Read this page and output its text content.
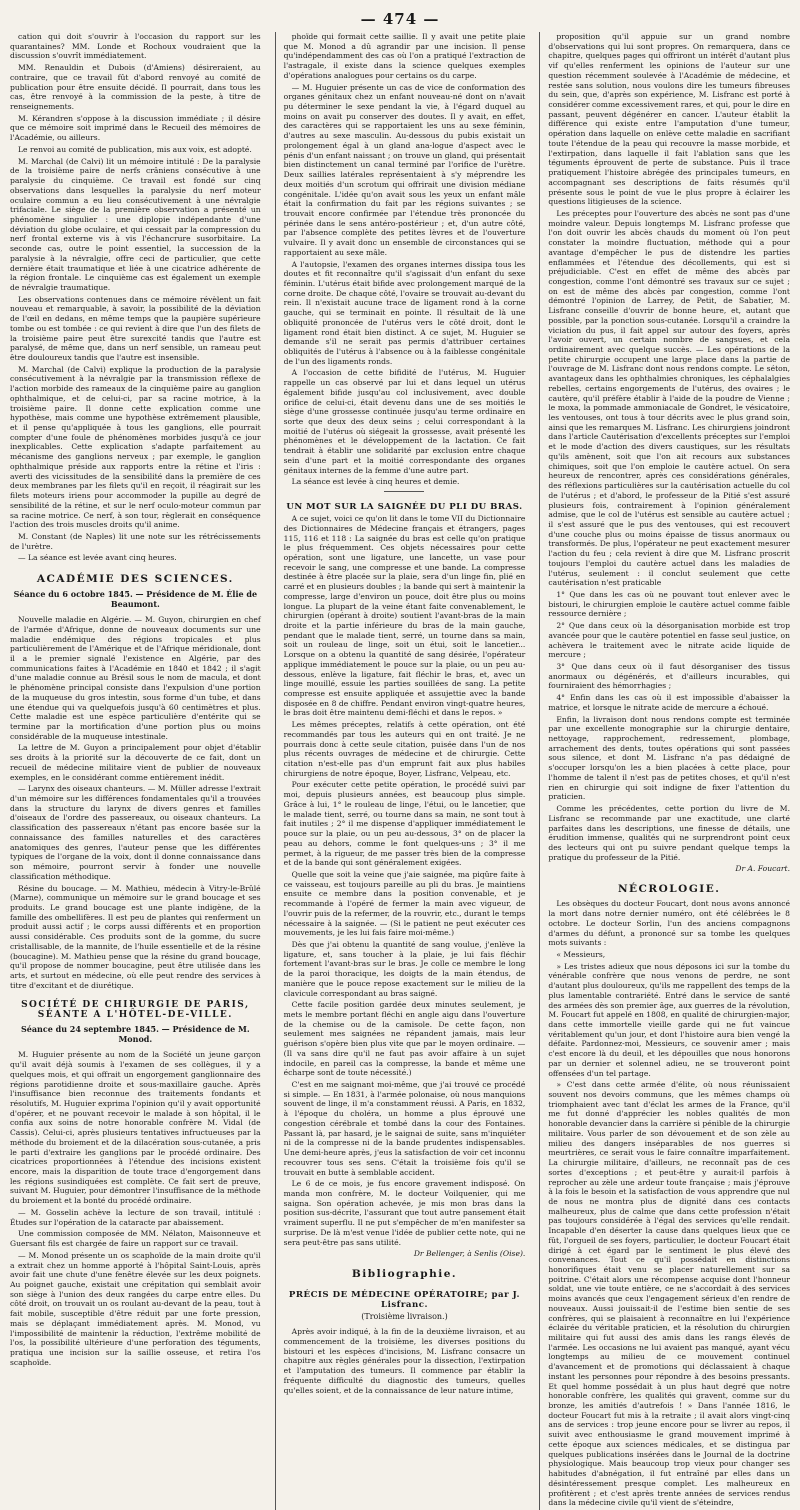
— 474 —

cation qui doit s'ouvrir à l'occasion du rapport sur les quarantaines? MM. Londe et Rochoux voudraient que la discussion s'ouvrît immédiatement.

MM. Renauldin et Dubois (d'Amiens) désireraient, au contraire, que ce travail fût d'abord renvoyé au comité de publication pour être ensuite décidé. Il pourrait, dans tous les cas, être renvoyé à la commission de la peste, à titre de renseignements.

M. Kérandren s'oppose à la discussion immédiate ; il désire que ce mémoire soit imprimé dans le Recueil des mémoires de l'Académie, ou ailleurs.

Le renvoi au comité de publication, mis aux voix, est adopté.

M. Marchal (de Calvi) lit un mémoire intitulé : De la paralysie de la troisième paire de nerfs crâniens consécutive à une paralysie du cinquième. Ce travail est fondé sur cinq observations dans lesquelles la paralysie du nerf moteur oculaire commun a eu lieu consécutivement à une névralgie trifaciale. Le siège de la première observation a présenté un phénomène singulier : une diplopie indépendante d'une déviation du globe oculaire, et qui cessait par la compression du nerf frontal externe vis à vis l'échancrure susorbitaire. La seconde cas, outre le point essentiel, la succession de la paralysie à la névralgie, offre ceci de particulier, que cette dernière était traumatique et liée à une cicatrice adhérente de la région frontale. Le cinquième cas est également un exemple de névralgie traumatique.

Les observations contenues dans ce mémoire révèlent un fait nouveau et remarquable, à savoir, la possibilité de la déviation de l'œil en dedans, en même temps que la paupière supérieure tombe ou est tombée : ce qui revient à dire que l'un des filets de la troisième paire peut être surexcité tandis que l'autre est paralysé, de même que, dans un nerf sensible, un rameau peut être douloureux tandis que l'autre est insensible.

M. Marchal (de Calvi) explique la production de la paralysie consécutivement à la névralgie par la transmission réflexe de l'action morbide des rameaux de la cinquième paire au ganglion ophthalmique, et de celui-ci, par sa racine motrice, à la troisième paire. Il donne cette explication comme une hypothèse, mais comme une hypothèse extrêmement plausible, et il pense qu'appliquée à tous les ganglions, elle pourrait compter d'une foule de phénomènes morbides jusqu'à ce jour inexplicables. Cette explication s'adapte parfaitement au mécanisme des ganglions nerveux ; par exemple, le ganglion ophthalmique préside aux rapports entre la rétine et l'iris : averti des vicissitudes de la sensibilité dans la première de ces deux membranes par les filets qu'il en reçoit, il réagirait sur les filets moteurs iriens pour accommoder la pupille au degré de sensibilité de la rétine, et sur le nerf oculo-moteur commun par sa racine motrice. Ce nerf, à son tour, règlerait en conséquence l'action des trois muscles droits qu'il anime.

M. Constant (de Naples) lit une note sur les rétrécissements de l'urètre.

— La séance est levée avant cinq heures.

ACADÉMIE DES SCIENCES.
Séance du 6 octobre 1845. — Présidence de M. Élie de Beaumont.

Nouvelle maladie en Algérie. — M. Guyon, chirurgien en chef de l'armée d'Afrique, donne de nouveaux documents sur une maladie endémique des régions tropicales et plus particulièrement de l'Amérique et de l'Afrique méridionale, dont il a le premier signalé l'existence en Algérie, par des communications faites à l'Académie en 1840 et 1842 ; il s'agit d'une maladie connue au Brésil sous le nom de macula, et dont le phénomène principal consiste dans l'expulsion d'une portion de la muqueuse du gros intestin, sous forme d'un tube, et dans une étendue qui va quelquefois jusqu'à 60 centimètres et plus. Cette maladie est une espèce particulière d'entérite qui se termine par la mortification d'une portion plus ou moins considérable de la muqueuse intestinale.

La lettre de M. Guyon a principalement pour objet d'établir ses droits à la priorité sur la découverte de ce fait, dont un recueil de médecine militaire vient de publier de nouveaux exemples, en le considérant comme entièrement inédit.

— Larynx des oiseaux chanteurs. — M. Müller adresse l'extrait d'un mémoire sur les différences fondamentales qu'il a trouvées dans la structure du larynx de divers genres et familles d'oiseaux de l'ordre des passereaux, ou oiseaux chanteurs. La classification des passereaux n'étant pas encore basée sur la connaissance des familles naturelles et des caractères anatomiques des genres, l'auteur pense que les différentes typiques de l'organe de la voix, dont il donne connaissance dans son mémoire, pourront servir à fonder une nouvelle classification méthodique.

Résine du boucage. — M. Mathieu, médecin à Vitry-le-Brûlé (Marne), communique un mémoire sur le grand boucage et ses produits. Le grand boucage est une plante indigène, de la famille des ombellifères. Il est peu de plantes qui renferment un produit aussi actif ; le corps aussi différents et en proportion aussi considérable. Ces produits sont de la gomme, du sucre cristallisable, de la mannite, de l'huile essentielle et de la résine (boucagine). M. Mathieu pense que la résine du grand boucage, qu'il propose de nommer boucagine, peut être utilisée dans les arts, et surtout en médecine, où elle peut rendre des services à titre d'excitant et de diurétique.

SOCIÉTÉ DE CHIRURGIE DE PARIS, SÉANTE A L'HÔTEL-DE-VILLE.
Séance du 24 septembre 1845. — Présidence de M. Monod.

M. Huguier présente au nom de la Société un jeune garçon qu'il avait déjà soumis à l'examen de ses collègues, il y a quelques mois, et qui offrait un engorgement ganglionnaire des régions parotidienne droite et sous-maxillaire gauche. Après l'insuffisance bien reconnue des traitements fondants et résolutifs, M. Huguier exprima l'opinion qu'il y avait opportunité d'opérer, et ne pouvant recevoir le malade à son hôpital, il le confia aux soins de notre honorable confrère M. Vidal (de Cassis). Celui-ci, après plusieurs tentatives infructueuses par la méthode du broiement et de la dilacération sous-cutanée, a pris le parti d'extraire les ganglions par le procédé ordinaire. Des cicatrices proportionnées à l'étendue des incisions existent encore, mais la disparition de toute trace d'engorgement dans les régions susindiquées est complète. Ce fait sert de preuve, suivant M. Huguier, pour démontrer l'insuffisance de la méthode du broiement et la bonté du procédé ordinaire.

— M. Gosselin achève la lecture de son travail, intitulé : Études sur l'opération de la cataracte par abaissement.

Une commission composée de MM. Nélaton, Maisonneuve et Guersant fils est chargée de faire un rapport sur ce travail.

— M. Monod présente un os scaphoïde de la main droite qu'il a extrait chez un homme apporté à l'hôpital Saint-Louis, après avoir fait une chute d'une fenêtre élevée sur les deux poignets. Au poignet gauche, existait une crépitation qui semblait avoir son siège à l'union des deux rangées du carpe entre elles. Du côté droit, on trouvait un os roulant au-devant de la peau, tout à fait mobile, susceptible d'être réduit par une forte pression, mais se déplaçant immédiatement après. M. Monod, vu l'impossibilité de maintenir la réduction, l'extrême mobilité de l'os, la possibilité ultérieure d'une perforation des téguments, pratiqua une incision sur la saillie osseuse, et retira l'os scaphoïde.

phoïde qui formait cette saillie. Il y avait une petite plaie que M. Monod a dû agrandir par une incision. Il pense qu'indépendamment des cas où l'on a pratiqué l'extraction de l'astragale, il existe dans la science quelques exemples d'opérations analogues pour certains os du carpe.

— M. Huguier présente un cas de vice de conformation des organes génitaux chez un enfant nouveau-né dont on n'avait pu déterminer le sexe pendant la vie, à l'égard duquel au moins on avait pu conserver des doutes. Il y avait, en effet, des caractères qui se rapportaient les uns au sexe féminin, d'autres au sexe masculin. Au-dessous du pubis existait un prolongement égal à un gland ana-logue d'aspect avec le pénis d'un enfant naissant ; on trouve un gland, qui présentait bien distinctement un canal terminé par l'orifice de l'urètre. Deux saillies latérales représentaient à s'y méprendre les deux moitiés d'un scrotum qui offrirait une division médiane congénitale. L'idée qu'on avait sous les yeux un enfant mâle était la confirmation du fait par les régions suivantes ; se trouvait encore confirmée par l'étendue très prononcée du périnée dans le sens antéro-postérieur ; et, d'un autre côté, par l'absence complète des petites lèvres et de l'ouverture vulvaire. Il y avait donc un ensemble de circonstances qui se rapportaient au sexe mâle.

A l'autopsie, l'examen des organes internes dissipa tous les doutes et fit reconnaître qu'il s'agissait d'un enfant du sexe féminin. L'utérus était bifide avec prolongement marqué de la corne droite. De chaque côté, l'ovaire se trouvait au-devant du rein. Il n'existait aucune trace de ligament rond à la corne gauche, qui se terminait en pointe. Il résultait de là une obliquité prononcée de l'utérus vers le côté droit, dont le ligament rond était bien distinct. A ce sujet, M. Huguier se demande s'il ne serait pas permis d'attribuer certaines obliquités de l'utérus à l'absence ou à la faiblesse congénitale de l'un des ligaments ronds.

A l'occasion de cette bifidité de l'utérus, M. Huguier rappelle un cas observé par lui et dans lequel un utérus également bifide jusqu'au col inclusivement, avec double orifice de celui-ci, était devenu dans une de ses moitiés le siège d'une grossesse continuée jusqu'au terme ordinaire en sorte que deux des deux seins ; celui correspondant à la moitié de l'utérus où siégeait la grossesse, avait présenté les phénomènes et le développement de la lactation. Ce fait tendrait à établir une solidarité par exclusion entre chaque sein d'une part et la moitié correspondante des organes génitaux internes de la femme d'une autre part.

La séance est levée à cinq heures et demie.

UN MOT SUR LA SAIGNÉE DU PLI DU BRAS.

A ce sujet, voici ce qu'on lit dans le tome VII du Dictionnaire des Dictionnaires de Médecine français et étrangers, pages 115, 116 et 118 : La saignée du bras est celle qu'on pratique le plus fréquemment. Ces objets nécessaires pour cette opération, sont une ligature, une lancette, un vase pour recevoir le sang, une compresse et une bande. La compresse destinée à être placée sur la plaie, sera d'un linge fin, plié en carré et en plusieurs doubles ; la bande qui sert à maintenir la compresse, large d'environ un pouce, doit être plus ou moins longue. La plupart de la veine étant faite convenablement, le chirurgien (opérant à droite) soutient l'avant-bras de la main droite et la partie inférieure du bras de la main gauche, pendant que le malade tient, serré, un tourne dans sa main, soit un rouleau de linge, soit un étui, soit le lancetier... Lorsque on a obtenu la quantité de sang désirée, l'opérateur applique immédiatement le pouce sur la plaie, ou un peu au-dessous, enlève la ligature, fait fléchir le bras, et, avec un linge mouillé, essuie les parties souillées de sang. La petite compresse est ensuite appliquée et assujettie avec la bande disposée en 8 de chiffre. Pendant environ vingt-quatre heures, le bras doit être maintenu demi-fléchi et dans le repos. »

Les mêmes préceptes, relatifs à cette opération, ont été recommandés par tous les auteurs qui en ont traité. Je ne pourrais donc à cette seule citation, puisée dans l'un de nos plus récents ouvrages de médecine et de chirurgie. Cette citation n'est-elle pas d'un emprunt fait aux plus habiles chirurgiens de notre époque, Boyer, Lisfranc, Velpeau, etc.

Pour exécuter cette petite opération, le procédé suivi par moi, depuis plusieurs années, est beaucoup plus simple. Grâce à lui, 1° le rouleau de linge, l'étui, ou le lancetier, que le malade tient, serré, ou tourne dans sa main, ne sont tout à fait inutiles ; 2° il me dispense d'appliquer immédiatement le pouce sur la plaie, ou un peu au-dessous, 3° on de placer la peau au dehors, comme le font quelques-uns ; 3° il me permet, à la rigueur, de me passer très bien de la compresse et de la bande qui sont généralement exigées.

Quelle que soit la veine que j'aie saignée, ma piqûre faite à ce vaisseau, est toujours pareille au pli du bras. Je maintiens ensuite ce membre dans la position convenable, et je recommande à l'opéré de fermer la main avec vigueur, de l'ouvrir puis de la refermer, de la rouvrir, etc., durant le temps nécessaire à la saignée. — (Si le patient ne peut exécuter ces mouvements, je les lui fais faire moi-même.)

Dès que j'ai obtenu la quantité de sang voulue, j'enlève la ligature, et, sans toucher à la plaie, je lui fais fléchir fortement l'avant-bras sur le bras. Je colle ce membre le long de la paroi thoracique, les doigts de la main étendus, de manière que le pouce repose exactement sur le milieu de la clavicule correspondant au bras saigné.

Cette facile position gardée deux minutes seulement, je mets le membre portant fléchi en angle aigu dans l'ouverture de la chemise ou de la camisole. De cette façon, non seulement mes saignées ne répandent jamais, mais leur guérison s'opère bien plus vite que par le moyen ordinaire. — (Il va sans dire qu'il ne faut pas avoir affaire à un sujet indocile, en pareil cas la compresse, la bande et même une écharpe sont de toute nécessité.)

C'est en me saignant moi-même, que j'ai trouvé ce procédé si simple. — En 1831, à l'armée polonaise, où nous manquions souvent de linge, il m'a constamment réussi. A Paris, en 1832, à l'époque du choléra, un homme a plus éprouvé une congestion cérébrale et tombé dans la cour des Fontaines. Passant là, par hasard, je le saignai de suite, sans m'inquiéter ni de la compresse ni de la bande prudentes indispensables. Une demi-heure après, j'eus la satisfaction de voir cet inconnu recouvrer tous ses sens. C'était la troisième fois qu'il se trouvait en butte à semblable accident.

Le 6 de ce mois, je fus encore gravement indisposé. On manda mon confrère, M. le docteur Voilquenier, qui me saigna. Son opération achevée, je mis mon bras dans la position sus-décrite, l'assurant que tout autre pansement était vraiment superflu. Il ne put s'empêcher de m'en manifester sa surprise. De là m'est venue l'idée de publier cette note, qui ne sera peut-être pas sans utilité.

Dr Bellenger, à Senlis (Oise).
Bibliographie.
PRÉCIS DE MÉDECINE OPÉRATOIRE; par J. Lisfranc.
(Troisième livraison.)

Après avoir indiqué, à la fin de la deuxième livraison, et au commencement de la troisième, les diverses positions du bistouri et les espèces d'incisions, M. Lisfranc consacre un chapitre aux règles générales pour la dissection, l'extirpation et l'amputation des tumeurs. Il commence par établir la fréquente difficulté du diagnostic des tumeurs, quelles qu'elles soient, et de la connaissance de leur nature intime,

proposition qu'il appuie sur un grand nombre d'observations qui lui sont propres. On remarquera, dans ce chapitre, quelques pages qui offriront un intérêt d'autant plus vif qu'elles renferment les opinions de l'auteur sur une question récemment soulevée à l'Académie de médecine, et restée sans solution, nous voulons dire les tumeurs fibreuses du sein, que, d'après son expérience, M. Lisfranc est porté à considérer comme excessivement rares, et qui, pour le dire en passant, peuvent dégénérer en cancer. L'auteur établit la différence qui existe entre l'amputation d'une tumeur, opération dans laquelle on enlève cette maladie en sacrifiant toute l'étendue de la peau qui recouvre la masse morbide, et l'extirpation, dans laquelle il fait l'ablation sans que les téguments éprouvent de perte de substance. Puis il trace pratiquement l'histoire abrégée des principales tumeurs, en accompagnant ses descriptions de faits résumés qu'il présente sous le point de vue le plus propre à éclairer les questions litigieuses de la science.

Les préceptes pour l'ouverture des abcès ne sont pas d'une moindre valeur. Depuis longtemps M. Lisfranc professe que l'on doit ouvrir les abcès chauds du moment où l'on peut constater la moindre fluctuation, méthode qui a pour avantage d'empêcher le pus de distendre les parties enflammées et l'étendue des décollements, qui est si préjudiciable. C'est en effet de même des abcès par congestion, comme l'ont démontré ses travaux sur ce sujet ; on est de même des abcès par congestion, comme l'ont démontré l'opinion de Larrey, de Petit, de Sabatier, M. Lisfranc conseille d'ouvrir de bonne heure, et, autant que possible, par la ponction sous-cutanée. Lorsqu'il a craindre la viciation du pus, il fait appel sur autour des foyers, après l'avoir ouvert, un certain nombre de sangsues, et cela ordinairement avec quelque succès. — Les opérations de la petite chirurgie occupent une large place dans la partie de l'ouvrage de M. Lisfranc dont nous rendons compte. Le séton, avantageux dans les ophthalmies chroniques, les céphalalgies rebelles, certains engorgements de l'utérus, des ovaires ; le cautère, qu'il préfère établir à l'aide de la poudre de Vienne ; le moxa, la pommade ammoniacale de Gondret, le vésicatoire, les ventouses, ont tous à tour décrits avec le plus grand soin, ainsi que les remarques M. Lisfranc. Les chirurgiens joindront dans l'article Cautérisation d'excellents préceptes sur l'emploi et le mode d'action des divers caustiques, sur les résultats qu'ils amènent, soit que l'on ait recours aux substances chimiques, soit que l'on emploie le cautère actuel. On sera heureux de rencontrer, après ces considérations générales, des réflexions particulières sur la cautérisation actuelle du col de l'utérus ; et d'abord, le professeur de la Pitié s'est assuré plusieurs fois, contrairement à l'opinion généralement admise, que le col de l'utérus est sensible au cautère actuel ; il s'est assuré que le pus des ventouses, qui est recouvert d'une couche plus ou moins épaisse de tissus anormaux ou transformés. De plus, l'opérateur ne peut exactement mesurer l'action du feu ; cela revient à dire que M. Lisfranc proscrit toujours l'emploi du cautère actuel dans les maladies de l'utérus, seulement : il conclut seulement que cette cautérisation n'est praticable

1° Que dans les cas où ne pouvant tout enlever avec le bistouri, le chirurgien emploie le cautère actuel comme faible ressource dernière ;

2° Que dans ceux où la désorganisation morbide est trop avancée pour que le cautère potentiel en fasse seul justice, on achèvera le traitement avec le nitrate acide liquide de mercure ;

3° Que dans ceux où il faut désorganiser des tissus anormaux ou dégénérés, et d'ailleurs incurables, qui fourniraient des hémorrhagies ;

4° Enfin dans les cas où il est impossible d'abaisser la matrice, et lorsque le nitrate acide de mercure a échoué.

Enfin, la livraison dont nous rendons compte est terminée par une excellente monographie sur la chirurgie dentaire, nettoyage, rapprochement, redressement, plombage, arrachement des dents, toutes opérations qui sont passées sous silence, et dont M. Lisfranc n'a pas dédaigné de s'occuper lorsqu'on les a bien placées à cette place, pour l'homme de talent il n'est pas de petites choses, et qu'il n'est rien en chirurgie qui soit indigne de fixer l'attention du praticien.

Comme les précédentes, cette portion du livre de M. Lisfranc se recommande par une exactitude, une clarté parfaites dans les descriptions, une finesse de détails, une érudition immense, qualités qui ne surprendront point ceux des lecteurs qui ont pu suivre pendant quelque temps la pratique du professeur de la Pitié.

Dr A. Foucart.
NÉCROLOGIE.

Les obsèques du docteur Foucart, dont nous avons annoncé la mort dans notre dernier numéro, ont été célébrées le 8 octobre. Le docteur Sorlin, l'un des anciens compagnons d'armes du défunt, a prononcé sur sa tombe les quelques mots suivants :

« Messieurs,

» Les tristes adieux que nous déposons ici sur la tombe du vénérable confrère que nous venons de perdre, ne sont d'autant plus douloureux, qu'ils me rappellent des temps de la plus lamentable contrariété. Entré dans le service de santé des armées dès son premier âge, aux guerres de la révolution, M. Foucart fut appelé en 1808, en qualité de chirurgien-major, dans cette immortelle vieille garde qui ne fut vaincue véritablement qu'un jour, et dont l'histoire aura bien vengé la défaite. Pardonnez-moi, Messieurs, ce souvenir amer ; mais c'est encore là du deuil, et les dépouilles que nous honorons par un dernier et solennel adieu, ne se trouveront point offensées d'un tel partage.

» C'est dans cette armée d'élite, où nous réunissaient souvent nos devoirs communs, que les mêmes champs où triomphaient avec tant d'éclat les armes de la France, qu'il me fut donné d'apprécier les nobles qualités de mon honorable devancier dans la carrière si pénible de la chirurgie militaire. Vous parler de son dévouement et de son zèle au milieu des dangers inséparables de nos guerres si meurtrières, ce serait vous le faire connaître imparfaitement. La chirurgie militaire, d'ailleurs, ne reconnaît pas de ces sortes d'exceptions ; et peut-être y aurait-il parfois à reprocher au zèle une ardeur toute française ; mais j'éprouve à la fois le besoin et la satisfaction de vous apprendre que nul de nous ne montra plus de dignité dans ces contacts malheureux, plus de calme que dans cette profession n'était pas toujours considérée à l'égal des services qu'elle rendait. Incapable d'en déserter la cause dans quelques lieux que ce fût, l'orgueil de ses foyers, particulier, le docteur Foucart était dirigé à cet égard par le sentiment le plus élevé des convenances. Tout ce qu'il possédait en distinctions honorifiques était venu se placer naturellement sur sa poitrine. C'était alors une récompense acquise dont l'honneur soldat, une vie toute entière, ce ne s'accordait à des services moins avancés que ceux l'engagement sérieux d'en rendre de nouveaux. Aussi jouissait-il de l'estime bien sentie de ses confrères, qui se plaisaient à reconnaître en lui l'expérience éclairée du véritable praticien, et la résolution du chirurgien militaire qui fut aussi des amis dans les rangs élevés de l'armée. Les occasions ne lui avaient pas manqué, ayant vécu longtemps au milieu de ce mouvement continuel d'avancement et de promotions qui déclassaient à chaque instant les personnes pour répondre à des besoins pressants. Et quel homme possédait à un plus haut degré que notre honorable confrère, les qualités qui gravent, comme sur du bronze, les amitiés d'autrefois ! » Dans l'année 1816, le docteur Foucart fut mis à la retraite ; il avait alors vingt-cinq ans de services : trop jeune encore pour se livrer au repos, il suivit avec enthousiasme le grand mouvement imprimé à cette époque aux sciences médicales, et se distingua par quelques publications insérées dans le Journal de la doctrine physiologique. Mais beaucoup trop vieux pour changer ses habitudes d'abnégation, il fut entraîné par elles dans un désintéressement presque complet. Les malheureux en profitèrent ; et c'est après trente années de services rendus dans la médecine civile qu'il vient de s'éteindre,
